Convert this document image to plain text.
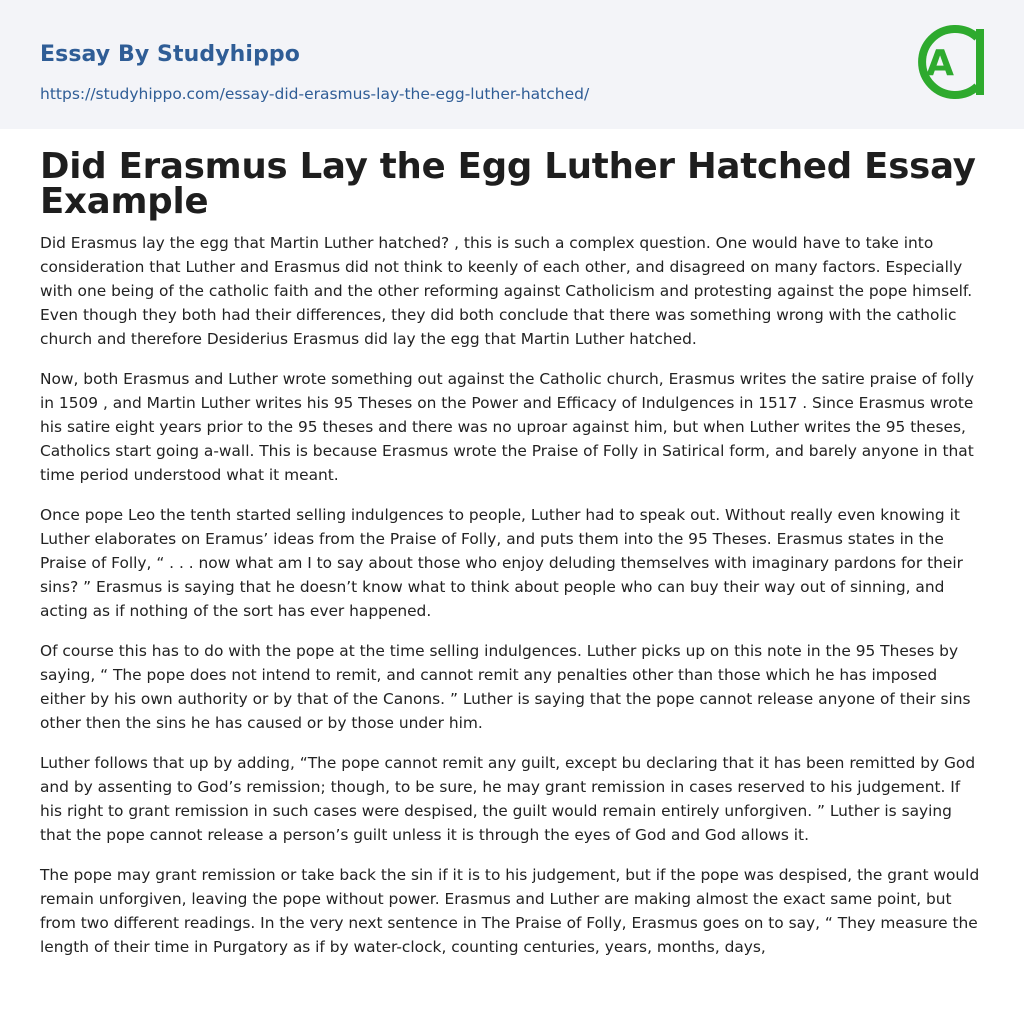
Essay By Studyhippo
https://studyhippo.com/essay-did-erasmus-lay-the-egg-luther-hatched/
A
Did Erasmus Lay the Egg Luther Hatched Essay Example

Did Erasmus lay the egg that Martin Luther hatched? , this is such a complex question. One would have to take into consideration that Luther and Erasmus did not think to keenly of each other, and disagreed on many factors. Especially with one being of the catholic faith and the other reforming against Catholicism and protesting against the pope himself. Even though they both had their differences, they did both conclude that there was something wrong with the catholic church and therefore Desiderius Erasmus did lay the egg that Martin Luther hatched.

Now, both Erasmus and Luther wrote something out against the Catholic church, Erasmus writes the satire praise of folly in 1509 , and Martin Luther writes his 95 Theses on the Power and Efficacy of Indulgences in 1517 . Since Erasmus wrote his satire eight years prior to the 95 theses and there was no uproar against him, but when Luther writes the 95 theses, Catholics start going a-wall. This is because Erasmus wrote the Praise of Folly in Satirical form, and barely anyone in that time period understood what it meant.

Once pope Leo the tenth started selling indulgences to people, Luther had to speak out. Without really even knowing it Luther elaborates on Eramus’ ideas from the Praise of Folly, and puts them into the 95 Theses. Erasmus states in the Praise of Folly, “ . . . now what am I to say about those who enjoy deluding themselves with imaginary pardons for their sins? ” Erasmus is saying that he doesn’t know what to think about people who can buy their way out of sinning, and acting as if nothing of the sort has ever happened.

Of course this has to do with the pope at the time selling indulgences. Luther picks up on this note in the 95 Theses by saying, “ The pope does not intend to remit, and cannot remit any penalties other than those which he has imposed either by his own authority or by that of the Canons. ” Luther is saying that the pope cannot release anyone of their sins other then the sins he has caused or by those under him.

Luther follows that up by adding, “The pope cannot remit any guilt, except bu declaring that it has been remitted by God and by assenting to God’s remission; though, to be sure, he may grant remission in cases reserved to his judgement. If his right to grant remission in such cases were despised, the guilt would remain entirely unforgiven. ” Luther is saying that the pope cannot release a person’s guilt unless it is through the eyes of God and God allows it.

The pope may grant remission or take back the sin if it is to his judgement, but if the pope was despised, the grant would remain unforgiven, leaving the pope without power. Erasmus and Luther are making almost the exact same point, but from two different readings. In the very next sentence in The Praise of Folly, Erasmus goes on to say, “ They measure the length of their time in Purgatory as if by water-clock, counting centuries, years, months, days,
